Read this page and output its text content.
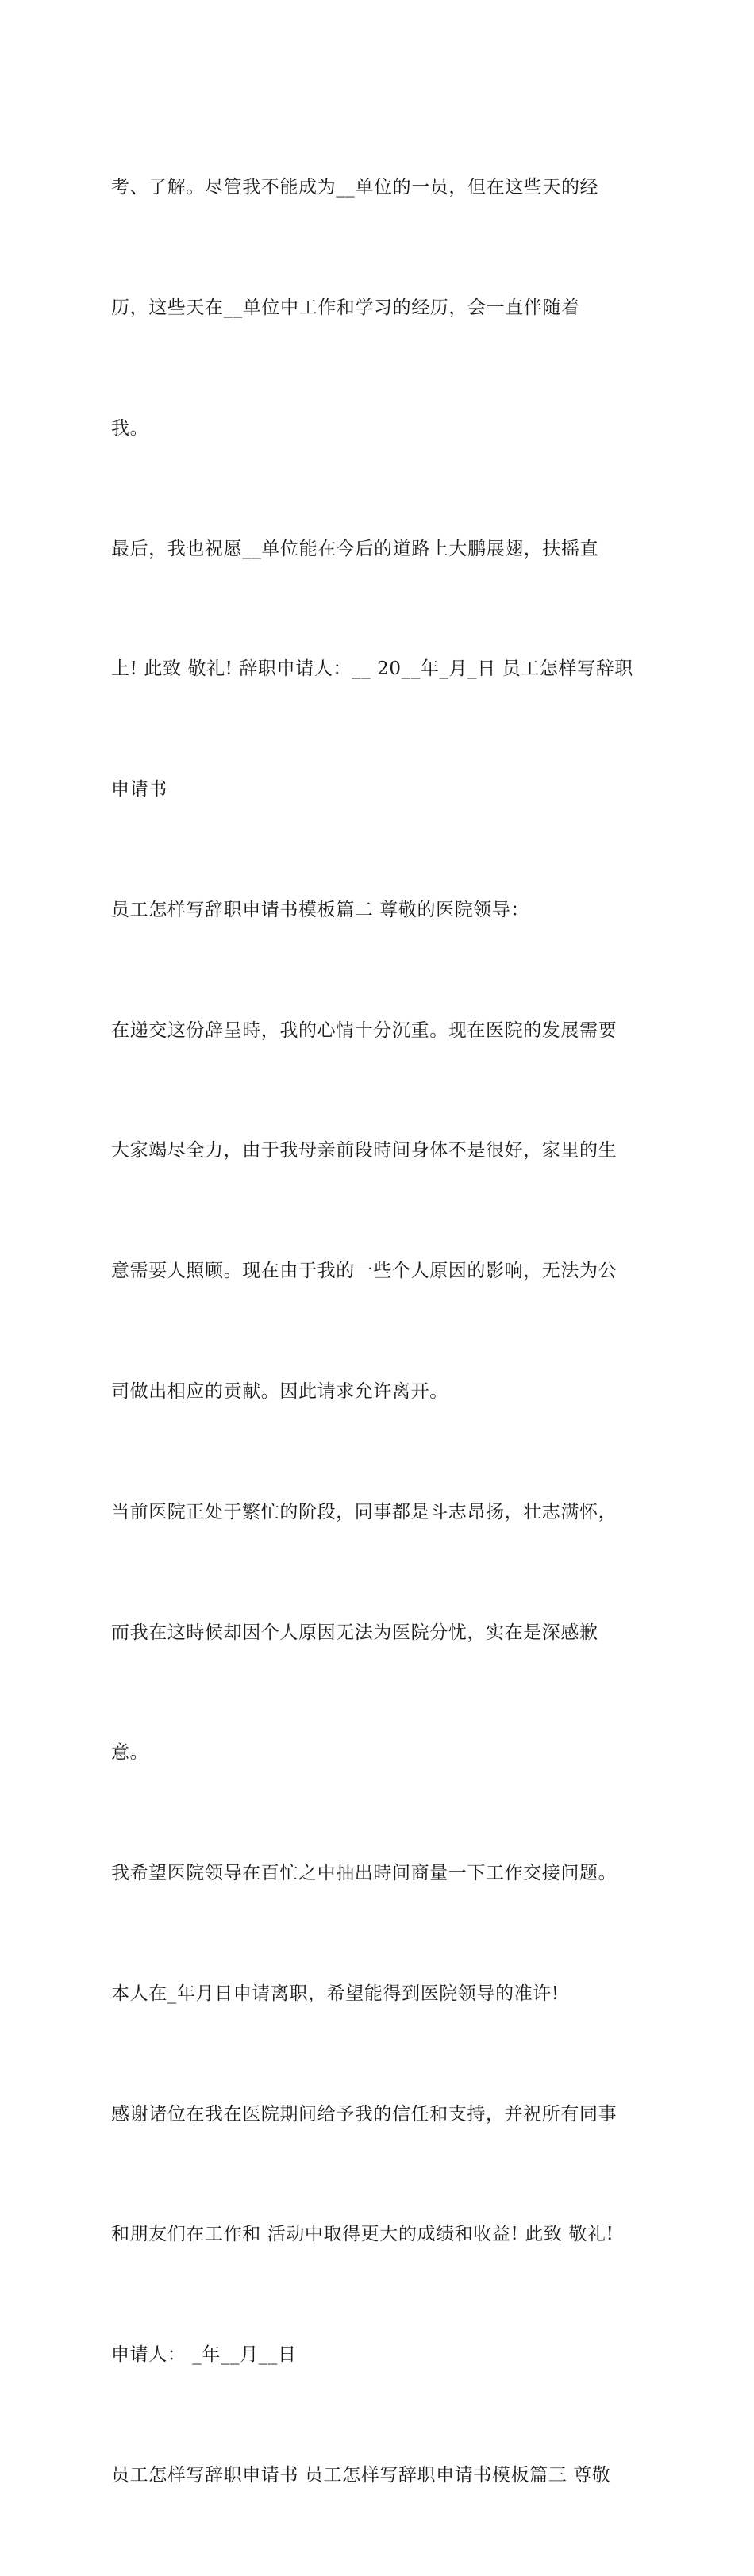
考、了解。尽管我不能成为__单位的一员，但在这些天的经

历，这些天在__单位中工作和学习的经历，会一直伴随着

我。

最后，我也祝愿__单位能在今后的道路上大鹏展翅，扶摇直

上! 此致 敬礼! 辞职申请人：__ 20__年_月_日 员工怎样写辞职

申请书

员工怎样写辞职申请书模板篇二 尊敬的医院领导：

在递交这份辞呈時，我的心情十分沉重。现在医院的发展需要

大家竭尽全力，由于我母亲前段時间身体不是很好，家里的生

意需要人照顾。现在由于我的一些个人原因的影响，无法为公

司做出相应的贡献。因此请求允许离开。

当前医院正处于繁忙的阶段，同事都是斗志昂扬，壮志满怀，

而我在这時候却因个人原因无法为医院分忧，实在是深感歉

意。

我希望医院领导在百忙之中抽出時间商量一下工作交接问题。

本人在_年月日申请离职，希望能得到医院领导的准许!

感谢诸位在我在医院期间给予我的信任和支持，并祝所有同事

和朋友们在工作和 活动中取得更大的成绩和收益! 此致 敬礼!

申请人： _年__月__日

员工怎样写辞职申请书 员工怎样写辞职申请书模板篇三 尊敬
